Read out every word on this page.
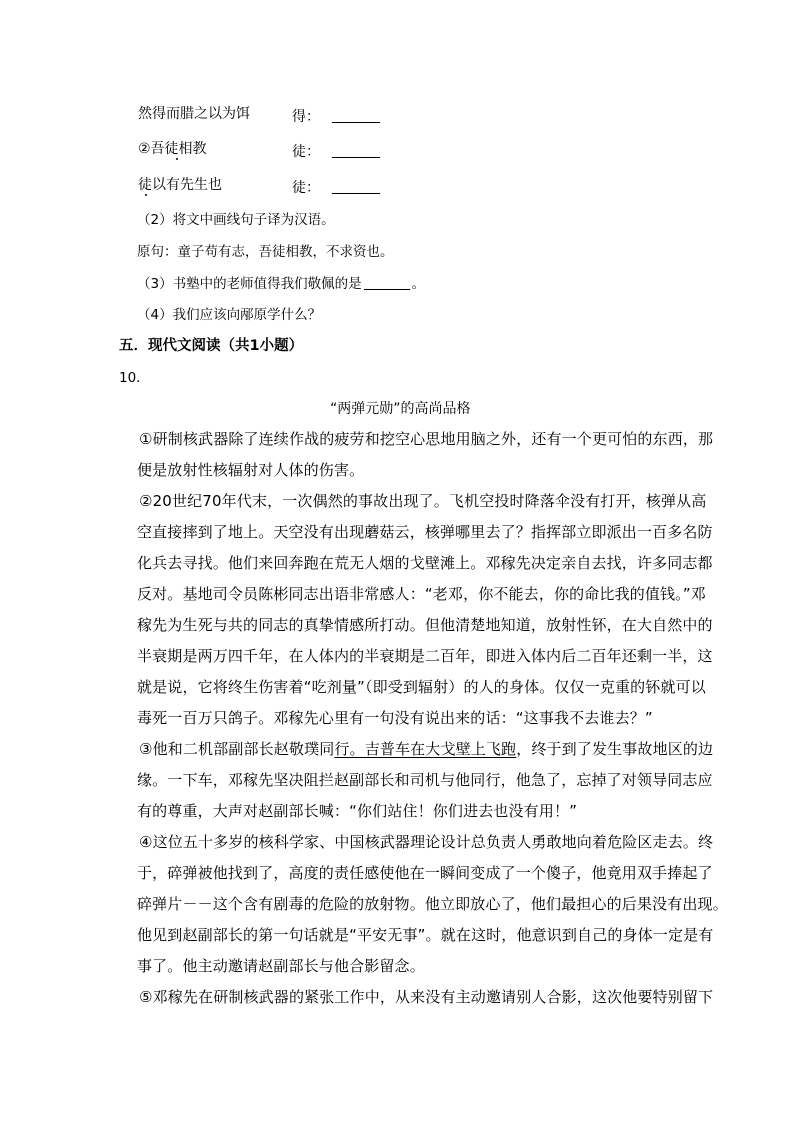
然得而腊之以为饵	得：
②吾徒相教	徒：
徒以有先生也	徒：
（2）将文中画线句子译为汉语。
原句：童子苟有志，吾徒相教，不求资也。
（3）书塾中的老师值得我们敬佩的是	。
（4）我们应该向邴原学什么？
五．现代文阅读（共1小题）
10．
“两弹元勋”的高尚品格
①研制核武器除了连续作战的疲劳和挖空心思地用脑之外，还有一个更可怕的东西，那
便是放射性核辐射对人体的伤害。
②20世纪70年代末，一次偶然的事故出现了。飞机空投时降落伞没有打开，核弹从高
空直接摔到了地上。天空没有出现蘑菇云，核弹哪里去了？指挥部立即派出一百多名防
化兵去寻找。他们来回奔跑在荒无人烟的戈壁滩上。邓稼先决定亲自去找，许多同志都
反对。基地司令员陈彬同志出语非常感人：“老邓，你不能去，你的命比我的值钱。”邓
稼先为生死与共的同志的真挚情感所打动。但他清楚地知道，放射性钚，在大自然中的
半衰期是两万四千年，在人体内的半衰期是二百年，即进入体内后二百年还剩一半，这
就是说，它将终生伤害着“吃剂量”（即受到辐射）的人的身体。仅仅一克重的钚就可以
毒死一百万只鸽子。邓稼先心里有一句没有说出来的话：“这事我不去谁去？”
③他和二机部副部长赵敬璞同行。吉普车在大戈壁上飞跑，终于到了发生事故地区的边
缘。一下车，邓稼先坚决阻拦赵副部长和司机与他同行，他急了，忘掉了对领导同志应
有的尊重，大声对赵副部长喊：“你们站住！你们进去也没有用！”
④这位五十多岁的核科学家、中国核武器理论设计总负责人勇敢地向着危险区走去。终
于，碎弹被他找到了，高度的责任感使他在一瞬间变成了一个傻子，他竟用双手捧起了
碎弹片－－这个含有剧毒的危险的放射物。他立即放心了，他们最担心的后果没有出现。
他见到赵副部长的第一句话就是“平安无事”。就在这时，他意识到自己的身体一定是有
事了。他主动邀请赵副部长与他合影留念。
⑤邓稼先在研制核武器的紧张工作中，从来没有主动邀请别人合影，这次他要特别留下
